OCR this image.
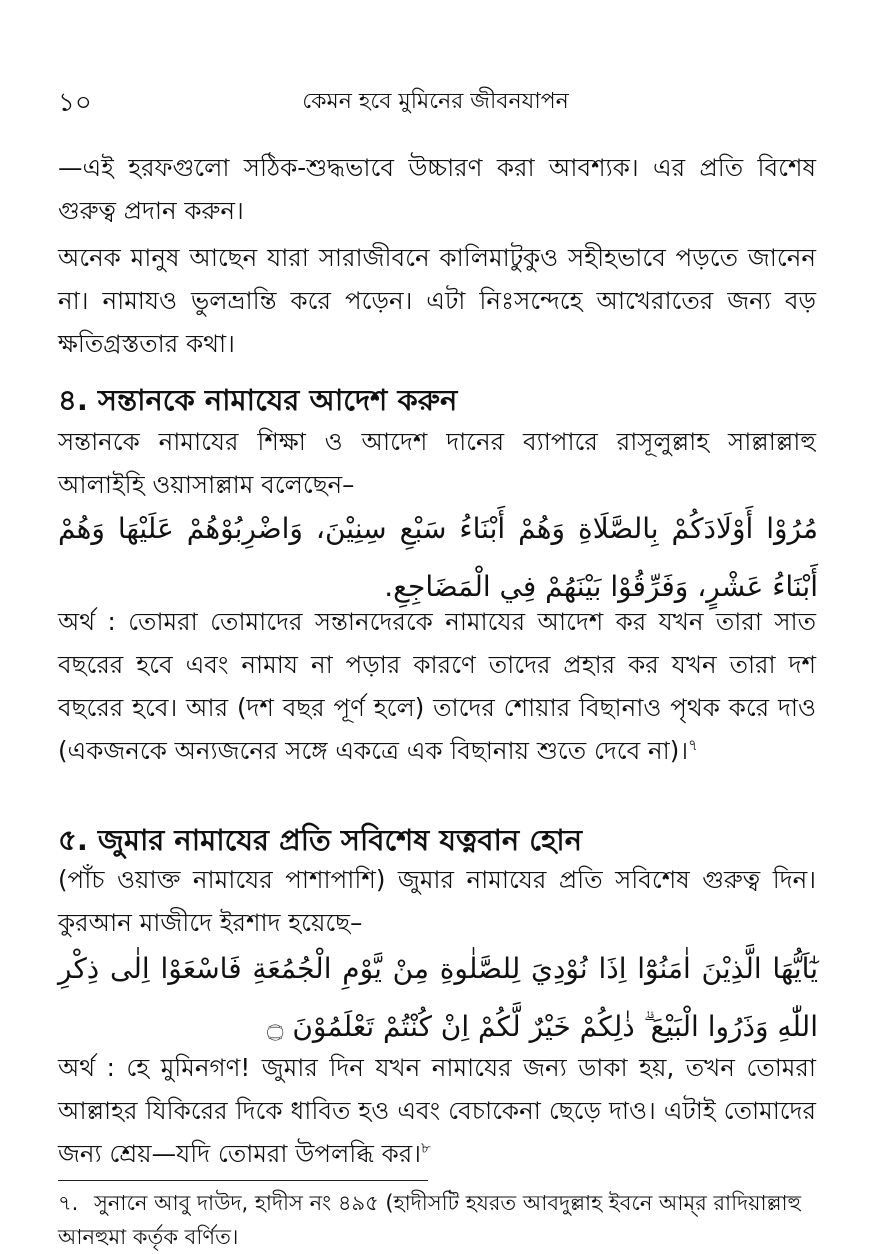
১০	কেমন হবে মুমিনের জীবনযাপন

—এই হরফগুলো সঠিক-শুদ্ধভাবে উচ্চারণ করা আবশ্যক। এর প্রতি বিশেষ গুরুত্ব প্রদান করুন।

অনেক মানুষ আছেন যারা সারাজীবনে কালিমাটুকুও সহীহভাবে পড়তে জানেন না। নামাযও ভুলভ্রান্তি করে পড়েন। এটা নিঃসন্দেহে আখেরাতের জন্য বড় ক্ষতিগ্রস্ততার কথা।

৪. সন্তানকে নামাযের আদেশ করুন

সন্তানকে নামাযের শিক্ষা ও আদেশ দানের ব্যাপারে রাসূলুল্লাহ সাল্লাল্লাহু আলাইহি ওয়াসাল্লাম বলেছেন–

مُرُوْا أَوْلَادَكُمْ بِالصَّلَاةِ وَهُمْ أَبْنَاءُ سَبْعِ سِنِيْنَ، وَاضْرِبُوْهُمْ عَلَيْهَا وَهُمْ أَبْنَاءُ عَشْرٍ، وَفَرِّقُوْا بَيْنَهُمْ فِي الْمَضَاجِعِ.

অর্থ : তোমরা তোমাদের সন্তানদেরকে নামাযের আদেশ কর যখন তারা সাত বছরের হবে এবং নামায না পড়ার কারণে তাদের প্রহার কর যখন তারা দশ বছরের হবে। আর (দশ বছর পূর্ণ হলে) তাদের শোয়ার বিছানাও পৃথক করে দাও (একজনকে অন্যজনের সঙ্গে একত্রে এক বিছানায় শুতে দেবে না)।$^৭$

৫. জুমার নামাযের প্রতি সবিশেষ যত্নবান হোন

(পাঁচ ওয়াক্ত নামাযের পাশাপাশি) জুমার নামাযের প্রতি সবিশেষ গুরুত্ব দিন। কুরআন মাজীদে ইরশাদ হয়েছে–

يٰٓاَيُّهَا الَّذِيْنَ اٰمَنُوْٓا اِذَا نُوْدِيَ لِلصَّلٰوةِ مِنْ يَّوْمِ الْجُمُعَةِ فَاسْعَوْا اِلٰى ذِكْرِ اللّٰهِ وَذَرُوا الْبَيْعَ ۗ ذٰلِكُمْ خَيْرٌ لَّكُمْ اِنْ كُنْتُمْ تَعْلَمُوْنَ ۝

অর্থ : হে মুমিনগণ! জুমার দিন যখন নামাযের জন্য ডাকা হয়, তখন তোমরা আল্লাহর যিকিরের দিকে ধাবিত হও এবং বেচাকেনা ছেড়ে দাও। এটাই তোমাদের জন্য শ্রেয়—যদি তোমরা উপলব্ধি কর।$^৮$

৭. সুনানে আবু দাউদ, হাদীস নং ৪৯৫ (হাদীসটি হযরত আবদুল্লাহ ইবনে আম্‌র রাদিয়াল্লাহু আনহুমা কর্তৃক বর্ণিত।
